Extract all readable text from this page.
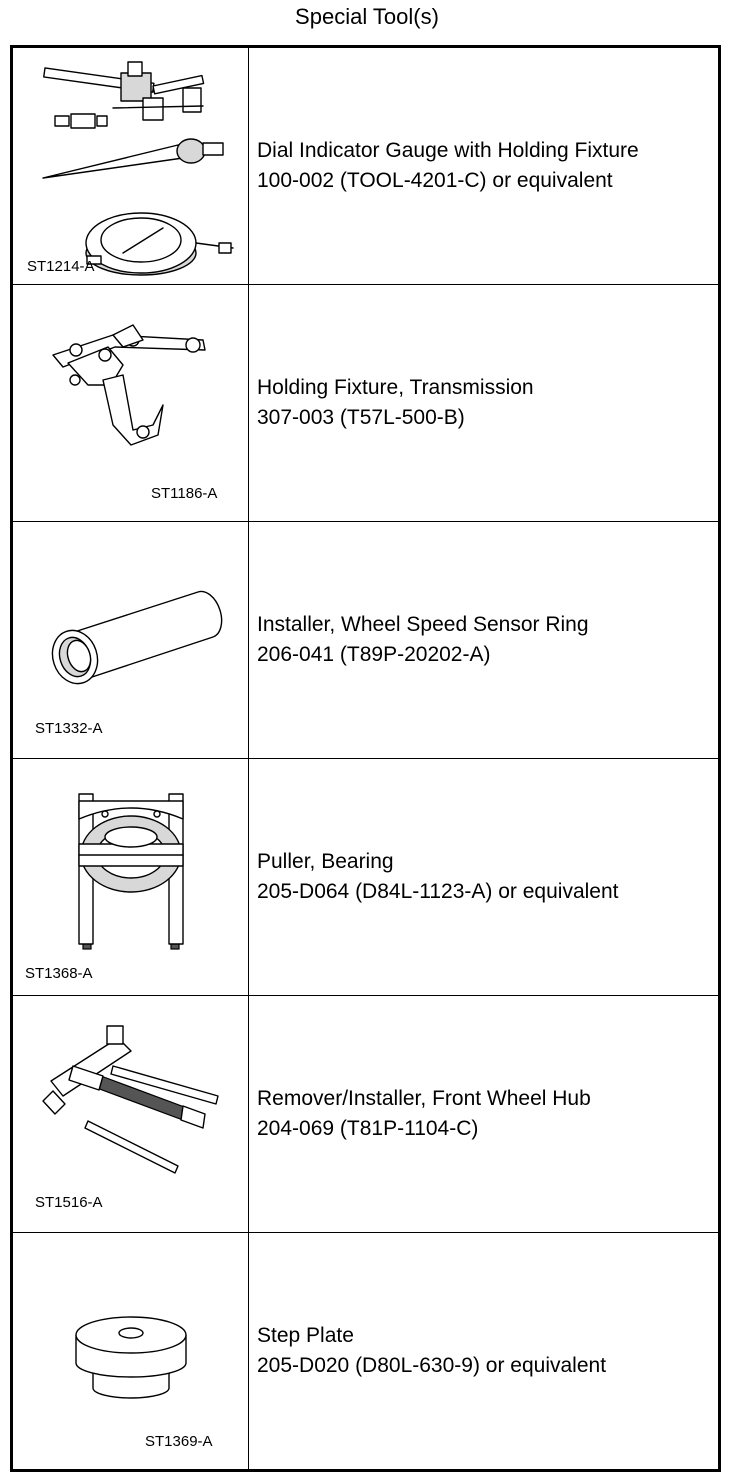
Special Tool(s)
ST1214-A	Dial Indicator Gauge with Holding Fixture
100-002 (TOOL-4201-C) or equivalent

ST1186-A	Holding Fixture, Transmission
307-003 (T57L-500-B)

ST1332-A	Installer, Wheel Speed Sensor Ring
206-041 (T89P-20202-A)

ST1368-A	Puller, Bearing
205-D064 (D84L-1123-A) or equivalent

ST1516-A	Remover/Installer, Front Wheel Hub
204-069 (T81P-1104-C)

ST1369-A	Step Plate
205-D020 (D80L-630-9) or equivalent
